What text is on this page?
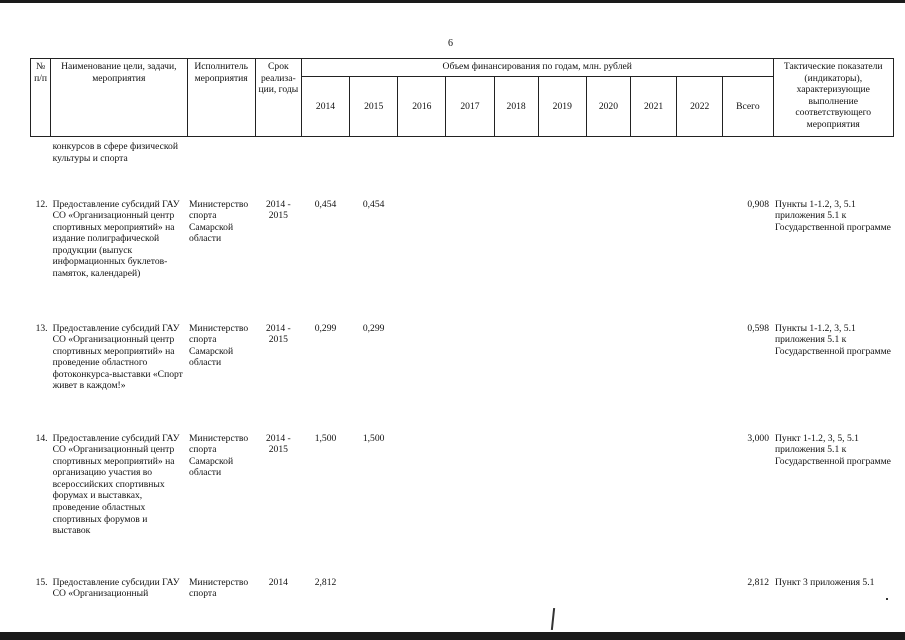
6
№ п/п	Наименование цели, задачи, мероприятия	Исполнитель мероприятия	Срок реализа-ции, годы	Объем финансирования по годам, млн. рублей										Тактические показатели (индикаторы), характеризующие выполнение соответствующего мероприятия
				2014	2015	2016	2017	2018	2019	2020	2021	2022	Всего	
	конкурсов в сфере физической культуры и спорта													
12.	Предоставление субсидий ГАУ СО «Организационный центр спортивных мероприятий» на издание полиграфической продукции (выпуск информационных буклетов-памяток, календарей)	Министерство спорта Самарской области	2014 - 2015	0,454	0,454								0,908	Пункты 1-1.2, 3, 5.1 приложения 5.1 к Государственной программе
13.	Предоставление субсидий ГАУ СО «Организационный центр спортивных мероприятий» на проведение областного фотоконкурса-выставки «Спорт живет в каждом!»	Министерство спорта Самарской области	2014 - 2015	0,299	0,299								0,598	Пункты 1-1.2, 3, 5.1 приложения 5.1 к Государственной программе
14.	Предоставление субсидий ГАУ СО «Организационный центр спортивных мероприятий» на организацию участия во всероссийских спортивных форумах и выставках, проведение областных спортивных форумов и выставок	Министерство спорта Самарской области	2014 - 2015	1,500	1,500								3,000	Пункт 1-1.2, 3, 5, 5.1 приложения 5.1 к Государственной программе
15.	Предоставление субсидии ГАУ СО «Организационный	Министерство спорта	2014	2,812									2,812	Пункт 3 приложения 5.1
